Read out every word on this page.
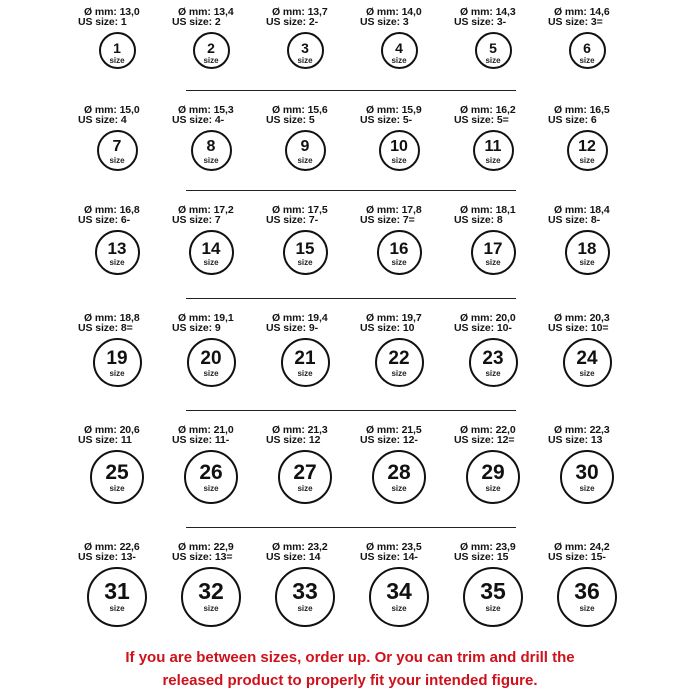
Ø mm: 13,0
US size: 1
1
size
Ø mm: 13,4
US size: 2
2
size
Ø mm: 13,7
US size: 2-
3
size
Ø mm: 14,0
US size: 3
4
size
Ø mm: 14,3
US size: 3-
5
size
Ø mm: 14,6
US size: 3=
6
size
Ø mm: 15,0
US size: 4
7
size
Ø mm: 15,3
US size: 4-
8
size
Ø mm: 15,6
US size: 5
9
size
Ø mm: 15,9
US size: 5-
10
size
Ø mm: 16,2
US size: 5=
11
size
Ø mm: 16,5
US size: 6
12
size
Ø mm: 16,8
US size: 6-
13
size
Ø mm: 17,2
US size: 7
14
size
Ø mm: 17,5
US size: 7-
15
size
Ø mm: 17,8
US size: 7=
16
size
Ø mm: 18,1
US size: 8
17
size
Ø mm: 18,4
US size: 8-
18
size
Ø mm: 18,8
US size: 8=
19
size
Ø mm: 19,1
US size: 9
20
size
Ø mm: 19,4
US size: 9-
21
size
Ø mm: 19,7
US size: 10
22
size
Ø mm: 20,0
US size: 10-
23
size
Ø mm: 20,3
US size: 10=
24
size
Ø mm: 20,6
US size: 11
25
size
Ø mm: 21,0
US size: 11-
26
size
Ø mm: 21,3
US size: 12
27
size
Ø mm: 21,5
US size: 12-
28
size
Ø mm: 22,0
US size: 12=
29
size
Ø mm: 22,3
US size: 13
30
size
Ø mm: 22,6
US size: 13-
31
size
Ø mm: 22,9
US size: 13=
32
size
Ø mm: 23,2
US size: 14
33
size
Ø mm: 23,5
US size: 14-
34
size
Ø mm: 23,9
US size: 15
35
size
Ø mm: 24,2
US size: 15-
36
size
If you are between sizes, order up. Or you can trim and drill the
released product to properly fit your intended figure.
